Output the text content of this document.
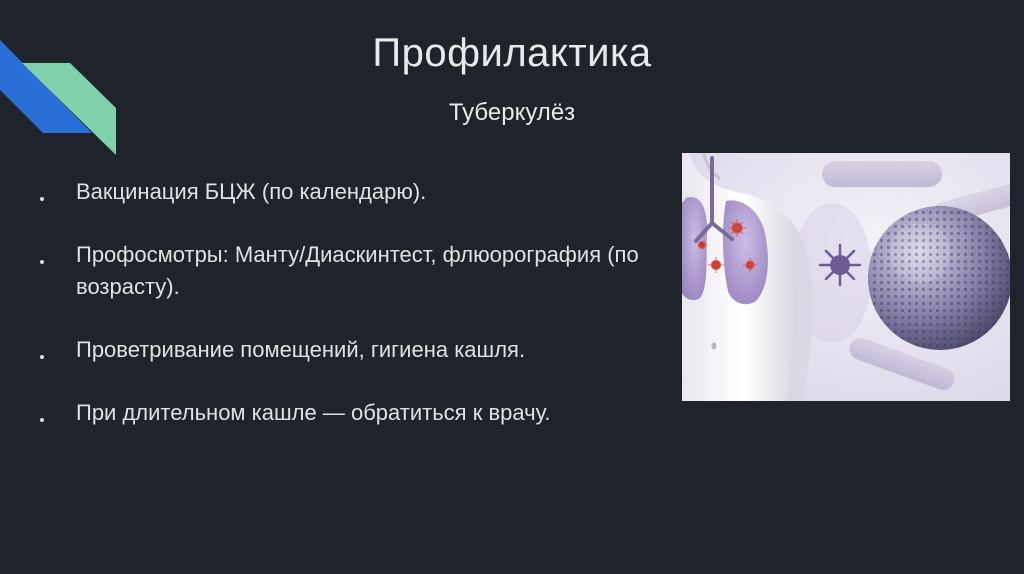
Профилактика
Туберкулёз
Вакцинация БЦЖ (по календарю).
Профосмотры: Манту/Диаскинтест, флюорография (по возрасту).
Проветривание помещений, гигиена кашля.
При длительном кашле — обратиться к врачу.
